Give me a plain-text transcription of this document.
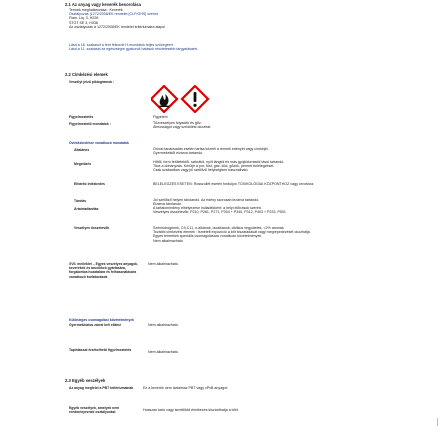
2.1 Az anyag vagy keverék besorolása
Termék meghatározása : Keverék
Osztályozás (1272/2008/EK rendelet [CLP/GHS] szerint
Flam. Liq. 3, H226
STOT SE 3, H336
Az osztályozás a 1272/2008/EK rendelet kritériumaira alapul
Lásd a 16. szakaszt a fent felsorolt H-mondatok teljes szövegéért.
Lásd a 11. szakaszt az egészségre gyakorolt hatások részletesebb tárgyalásáért.
2.2 Címkézési elemek
Veszélyt jelző piktogramok :
Figyelmeztetés	Figyelem
Figyelmeztető mondatok :	Tűzveszélyes folyadék és gőz.
Álmosságot vagy szédülést okozhat.
Óvintézkedésre vonatkozó mondatok
Általános	Orvosi tanácsadás esetén tartsa kéznél a termék edényét vagy címkéjét.
Gyermekektől elzárva tartandó.
Megelőzés	Hőtől, forró felületektől, szikrától, nyílt lángtól és más gyújtóforrástól távol tartandó.
Tilos a dohányzás. Kerülje a por, füst, gáz, köd, gőzök, permet belélegzését.
Csak szabadban vagy jól szellőző helyiségben használható.
Elhárító intézkedés	BELÉLEGZÉS ESETÉN: Rosszullét esetén forduljon TOXIKOLÓGIAI KÖZPONTHOZ vagy orvoshoz.
Tárolás	Jól szellőző helyen tárolandó. Az edény szorosan lezárva tartandó.
Elzárva tárolandó.
Ártalmatlanítás	A tartalom/edény elhelyezése hulladékként: a helyi előírások szerint.
Veszélyes összetevők: P210, P261, P271, P304 + P340, P312, P403 + P233, P501
Veszélyes összetevők	Szénhidrogének, C9-C11, n-alkánok, izoalkánok, ciklikus vegyületek, <2% aromás
További címkézési elemek : Ismételt expozíció a bőr kiszáradását vagy megrepedezését okozhatja.
Egyes termékek speciális csomagolására vonatkozó követelmények
Nem alkalmazható.
XVII. melléklet – Egyes veszélyes anyagok, keverékek és árucikkek gyártására, forgalomba hozatalára és felhasználására vonatkozó korlátozások
Nem alkalmazható.
Különleges csomagolási követelmények
Gyermekbiztos zárral kell ellátni	Nem alkalmazható.
Tapintással érzékelhető figyelmeztetés	Nem alkalmazható.
2.3 Egyéb veszélyek
Az anyag megfelel a PBT kritériumainak	Ez a keverék nem tartalmaz PBT vagy vPvB anyagot.
Egyéb veszélyek, amelyek nem eredményeznek osztályozást	Hosszan tartó vagy ismétlődő érintkezés kiszáríthatja a bőrt.
